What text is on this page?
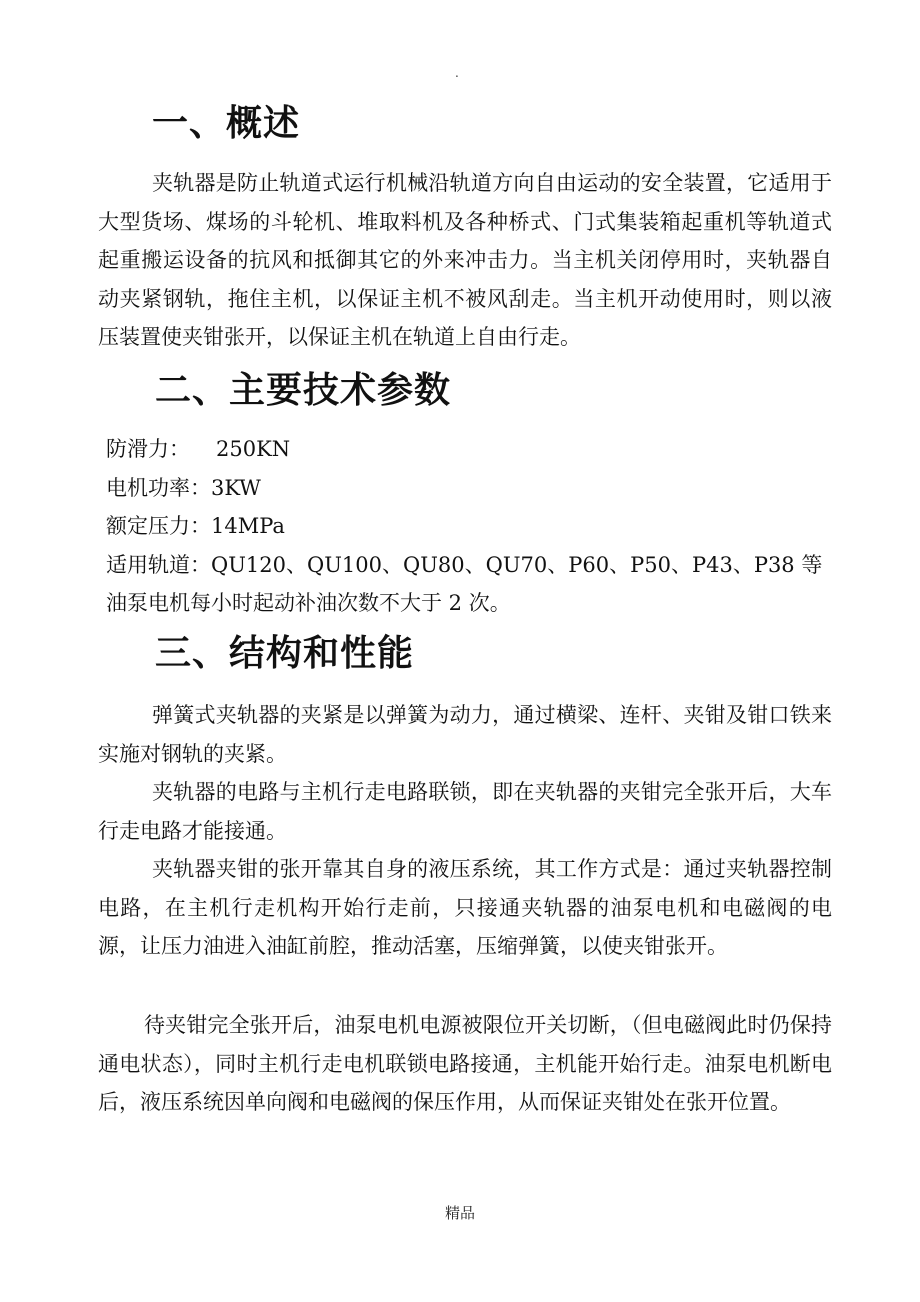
.
一、概述

夹轨器是防止轨道式运行机械沿轨道方向自由运动的安全装置，它适用于大型货场、煤场的斗轮机、堆取料机及各种桥式、门式集装箱起重机等轨道式起重搬运设备的抗风和抵御其它的外来冲击力。当主机关闭停用时，夹轨器自动夹紧钢轨，拖住主机，以保证主机不被风刮走。当主机开动使用时，则以液压装置使夹钳张开，以保证主机在轨道上自由行走。

二、主要技术参数
防滑力： 250KN
电机功率：3KW
额定压力：14MPa
适用轨道：QU120、QU100、QU80、QU70、P60、P50、P43、P38 等
油泵电机每小时起动补油次数不大于 2 次。
三、结构和性能

弹簧式夹轨器的夹紧是以弹簧为动力，通过横梁、连杆、夹钳及钳口铁来实施对钢轨的夹紧。

夹轨器的电路与主机行走电路联锁，即在夹轨器的夹钳完全张开后，大车行走电路才能接通。

夹轨器夹钳的张开靠其自身的液压系统，其工作方式是：通过夹轨器控制电路，在主机行走机构开始行走前，只接通夹轨器的油泵电机和电磁阀的电源，让压力油进入油缸前腔，推动活塞，压缩弹簧，以使夹钳张开。

待夹钳完全张开后，油泵电机电源被限位开关切断，（但电磁阀此时仍保持通电状态），同时主机行走电机联锁电路接通，主机能开始行走。油泵电机断电后，液压系统因单向阀和电磁阀的保压作用，从而保证夹钳处在张开位置。

精品
